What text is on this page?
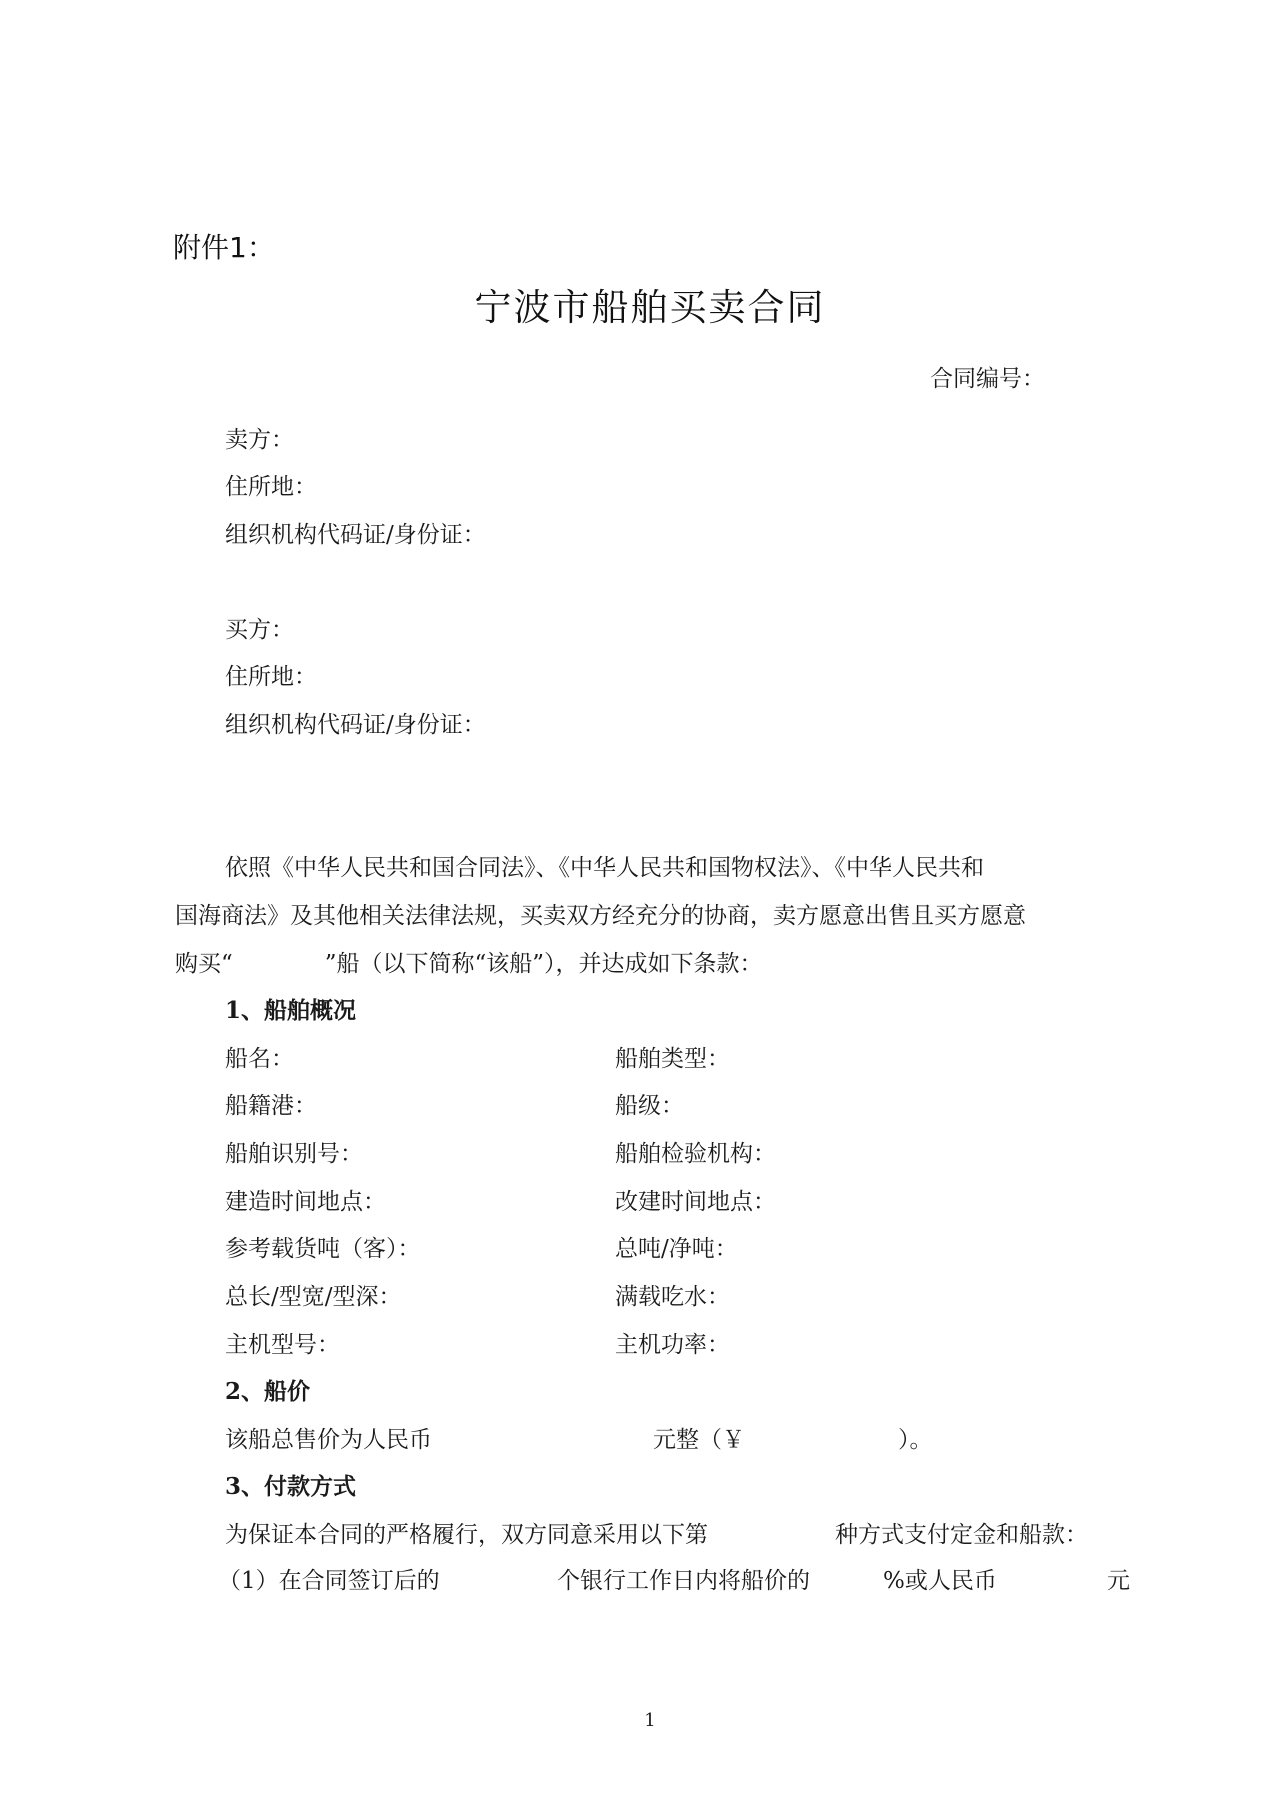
附件1：
宁波市船舶买卖合同
合同编号：
卖方：
住所地：
组织机构代码证/身份证：
买方：
住所地：
组织机构代码证/身份证：
依照《中华人民共和国合同法》、《中华人民共和国物权法》、《中华人民共和
国海商法》及其他相关法律法规，买卖双方经充分的协商，卖方愿意出售且买方愿意
购买“　　　　”船（以下简称“该船”），并达成如下条款：
1、船舶概况
船名：	船舶类型：
船籍港：	船级：
船舶识别号：	船舶检验机构：
建造时间地点：	改建时间地点：
参考载货吨（客）：	总吨/净吨：
总长/型宽/型深：	满载吃水：
主机型号：	主机功率：
2、船价
该船总售价为人民币	元整（￥	）。
3、付款方式
为保证本合同的严格履行，双方同意采用以下第	种方式支付定金和船款：
（1）在合同签订后的	个银行工作日内将船价的	%或人民币	元
1
